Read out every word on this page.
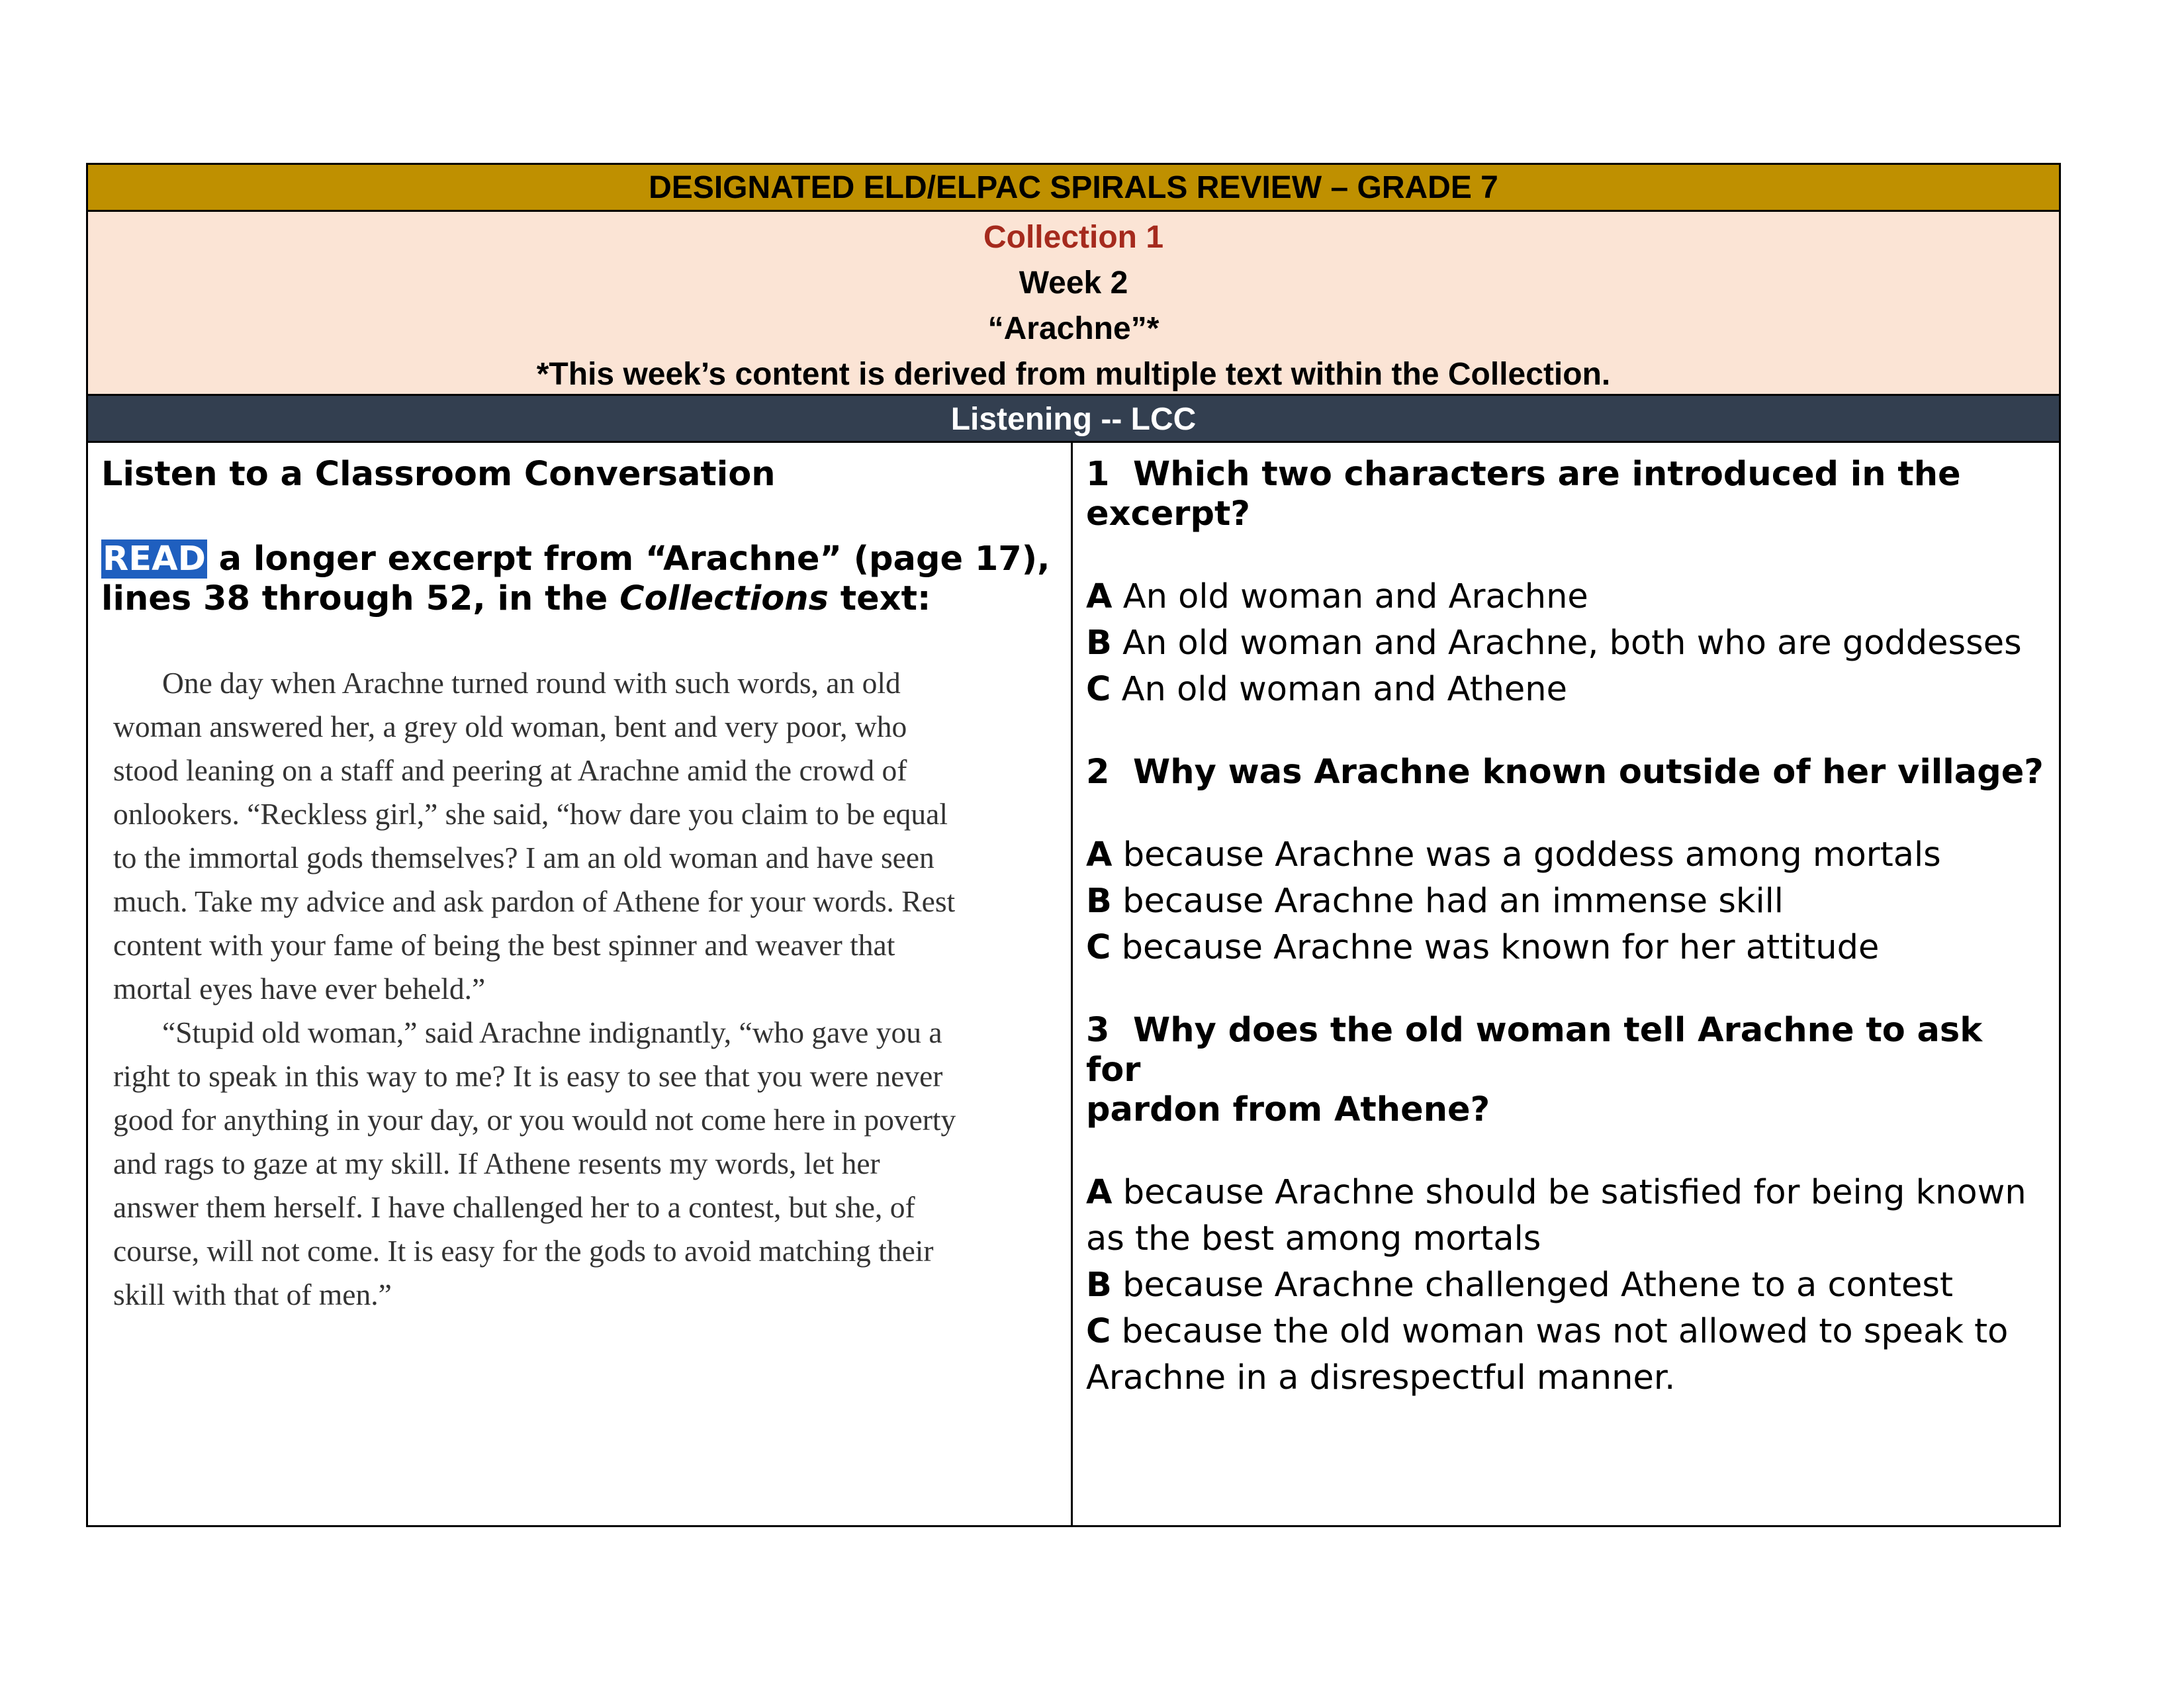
DESIGNATED ELD/ELPAC SPIRALS REVIEW – GRADE 7
Collection 1
Week 2
“Arachne”*
*This week’s content is derived from multiple text within the Collection.
Listening -- LCC
Listen to a Classroom Conversation
READ a longer excerpt from “Arachne” (page 17),
lines 38 through 52, in the Collections text:
One day when Arachne turned round with such words, an old
woman answered her, a grey old woman, bent and very poor, who
stood leaning on a staff and peering at Arachne amid the crowd of
onlookers. “Reckless girl,” she said, “how dare you claim to be equal
to the immortal gods themselves? I am an old woman and have seen
much. Take my advice and ask pardon of Athene for your words. Rest
content with your fame of being the best spinner and weaver that
mortal eyes have ever beheld.”
“Stupid old woman,” said Arachne indignantly, “who gave you a
right to speak in this way to me? It is easy to see that you were never
good for anything in your day, or you would not come here in poverty
and rags to gaze at my skill. If Athene resents my words, let her
answer them herself. I have challenged her to a contest, but she, of
course, will not come. It is easy for the gods to avoid matching their
skill with that of men.”
1 Which two characters are introduced in the
excerpt?
A An old woman and Arachne
B An old woman and Arachne, both who are goddesses
C An old woman and Athene
2 Why was Arachne known outside of her village?
A because Arachne was a goddess among mortals
B because Arachne had an immense skill
C because Arachne was known for her attitude
3 Why does the old woman tell Arachne to ask for
pardon from Athene?
A because Arachne should be satisfied for being known
as the best among mortals
B because Arachne challenged Athene to a contest
C because the old woman was not allowed to speak to
Arachne in a disrespectful manner.
